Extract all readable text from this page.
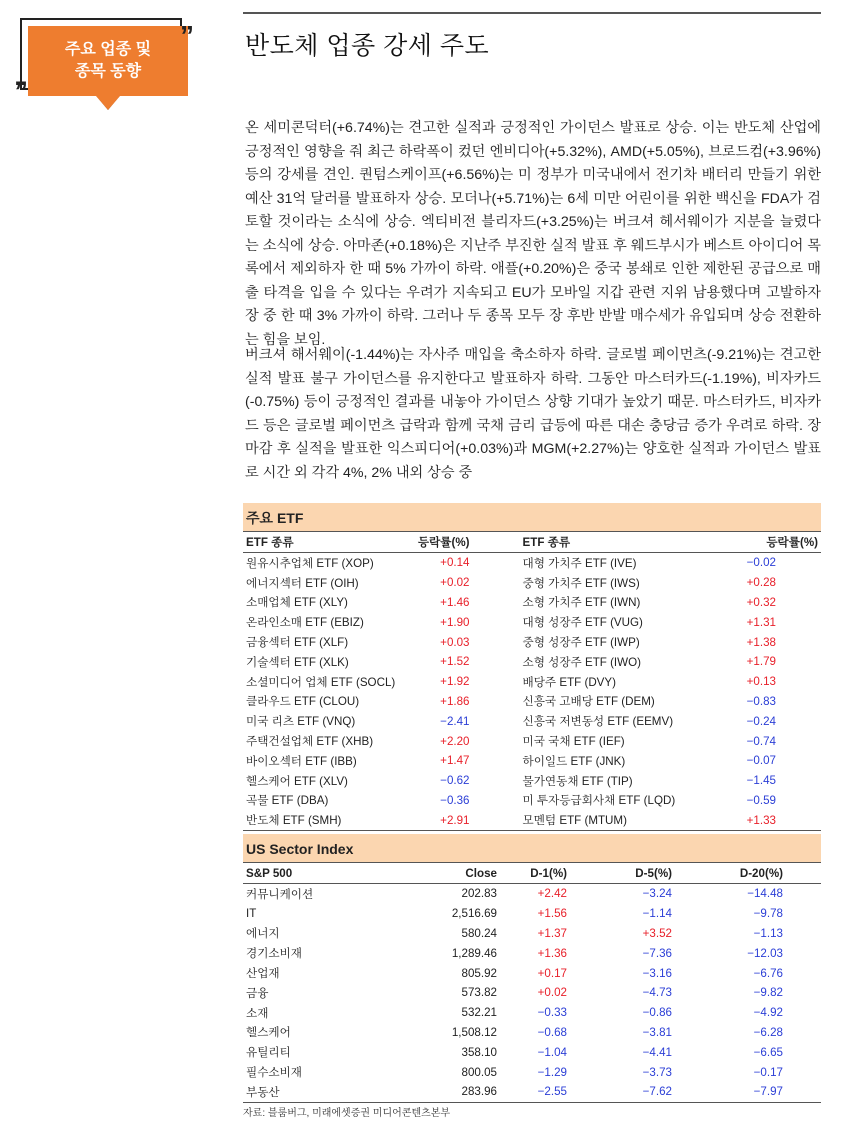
주요 업종 및
종목 동향
„
” 반도체 업종 강세 주도
온 세미콘덕터(+6.74%)는 견고한 실적과 긍정적인 가이던스 발표로 상승. 이는 반도체 산업에 긍정적인 영향을 줘 최근 하락폭이 컸던 엔비디아(+5.32%), AMD(+5.05%), 브로드컴(+3.96%)등의 강세를 견인. 퀀텀스케이프(+6.56%)는 미 정부가 미국내에서 전기차 배터리 만들기 위한 예산 31억 달러를 발표하자 상승. 모더나(+5.71%)는 6세 미만 어린이를 위한 백신을 FDA가 검토할 것이라는 소식에 상승. 엑티비전 블리자드(+3.25%)는 버크셔 헤서웨이가 지분을 늘렸다는 소식에 상승. 아마존(+0.18%)은 지난주 부진한 실적 발표 후 웨드부시가 베스트 아이디어 목록에서 제외하자 한 때 5% 가까이 하락. 애플(+0.20%)은 중국 봉쇄로 인한 제한된 공급으로 매출 타격을 입을 수 있다는 우려가 지속되고 EU가 모바일 지갑 관련 지위 남용했다며 고발하자 장 중 한 때 3% 가까이 하락. 그러나 두 종목 모두 장 후반 반발 매수세가 유입되며 상승 전환하는 힘을 보임.
버크셔 해서웨이(-1.44%)는 자사주 매입을 축소하자 하락. 글로벌 페이먼츠(-9.21%)는 견고한 실적 발표 불구 가이던스를 유지한다고 발표하자 하락. 그동안 마스터카드(-1.19%), 비자카드(-0.75%) 등이 긍정적인 결과를 내놓아 가이던스 상향 기대가 높았기 때문. 마스터카드, 비자카드 등은 글로벌 페이먼츠 급락과 함께 국채 금리 급등에 따른 대손 충당금 증가 우려로 하락. 장 마감 후 실적을 발표한 익스피디어(+0.03%)과 MGM(+2.27%)는 양호한 실적과 가이던스 발표로 시간 외 각각 4%, 2% 내외 상승 중
주요 ETF
ETF 종류	등락률(%)	ETF 종류	등락률(%)
원유시추업체 ETF (XOP)	+0.14	대형 가치주 ETF (IVE)	−0.02
에너지섹터 ETF (OIH)	+0.02	중형 가치주 ETF (IWS)	+0.28
소매업체 ETF (XLY)	+1.46	소형 가치주 ETF (IWN)	+0.32
온라인소매 ETF (EBIZ)	+1.90	대형 성장주 ETF (VUG)	+1.31
금융섹터 ETF (XLF)	+0.03	중형 성장주 ETF (IWP)	+1.38
기술섹터 ETF (XLK)	+1.52	소형 성장주 ETF (IWO)	+1.79
소셜미디어 업체 ETF (SOCL)	+1.92	배당주 ETF (DVY)	+0.13
클라우드 ETF (CLOU)	+1.86	신흥국 고배당 ETF (DEM)	−0.83
미국 리츠 ETF (VNQ)	−2.41	신흥국 저변동성 ETF (EEMV)	−0.24
주택건설업체 ETF (XHB)	+2.20	미국 국채 ETF (IEF)	−0.74
바이오섹터 ETF (IBB)	+1.47	하이일드 ETF (JNK)	−0.07
헬스케어 ETF (XLV)	−0.62	물가연동채 ETF (TIP)	−1.45
곡물 ETF (DBA)	−0.36	미 투자등급회사채 ETF (LQD)	−0.59
반도체 ETF (SMH)	+2.91	모멘텀 ETF (MTUM)	+1.33
US Sector Index
S&P 500	Close	D-1(%)	D-5(%)	D-20(%)
커뮤니케이션	202.83	+2.42	−3.24	−14.48
IT	2,516.69	+1.56	−1.14	−9.78
에너지	580.24	+1.37	+3.52	−1.13
경기소비재	1,289.46	+1.36	−7.36	−12.03
산업재	805.92	+0.17	−3.16	−6.76
금융	573.82	+0.02	−4.73	−9.82
소재	532.21	−0.33	−0.86	−4.92
헬스케어	1,508.12	−0.68	−3.81	−6.28
유틸리티	358.10	−1.04	−4.41	−6.65
필수소비재	800.05	−1.29	−3.73	−0.17
부동산	283.96	−2.55	−7.62	−7.97
자료: 블룸버그, 미래에셋증권 미디어콘텐츠본부
